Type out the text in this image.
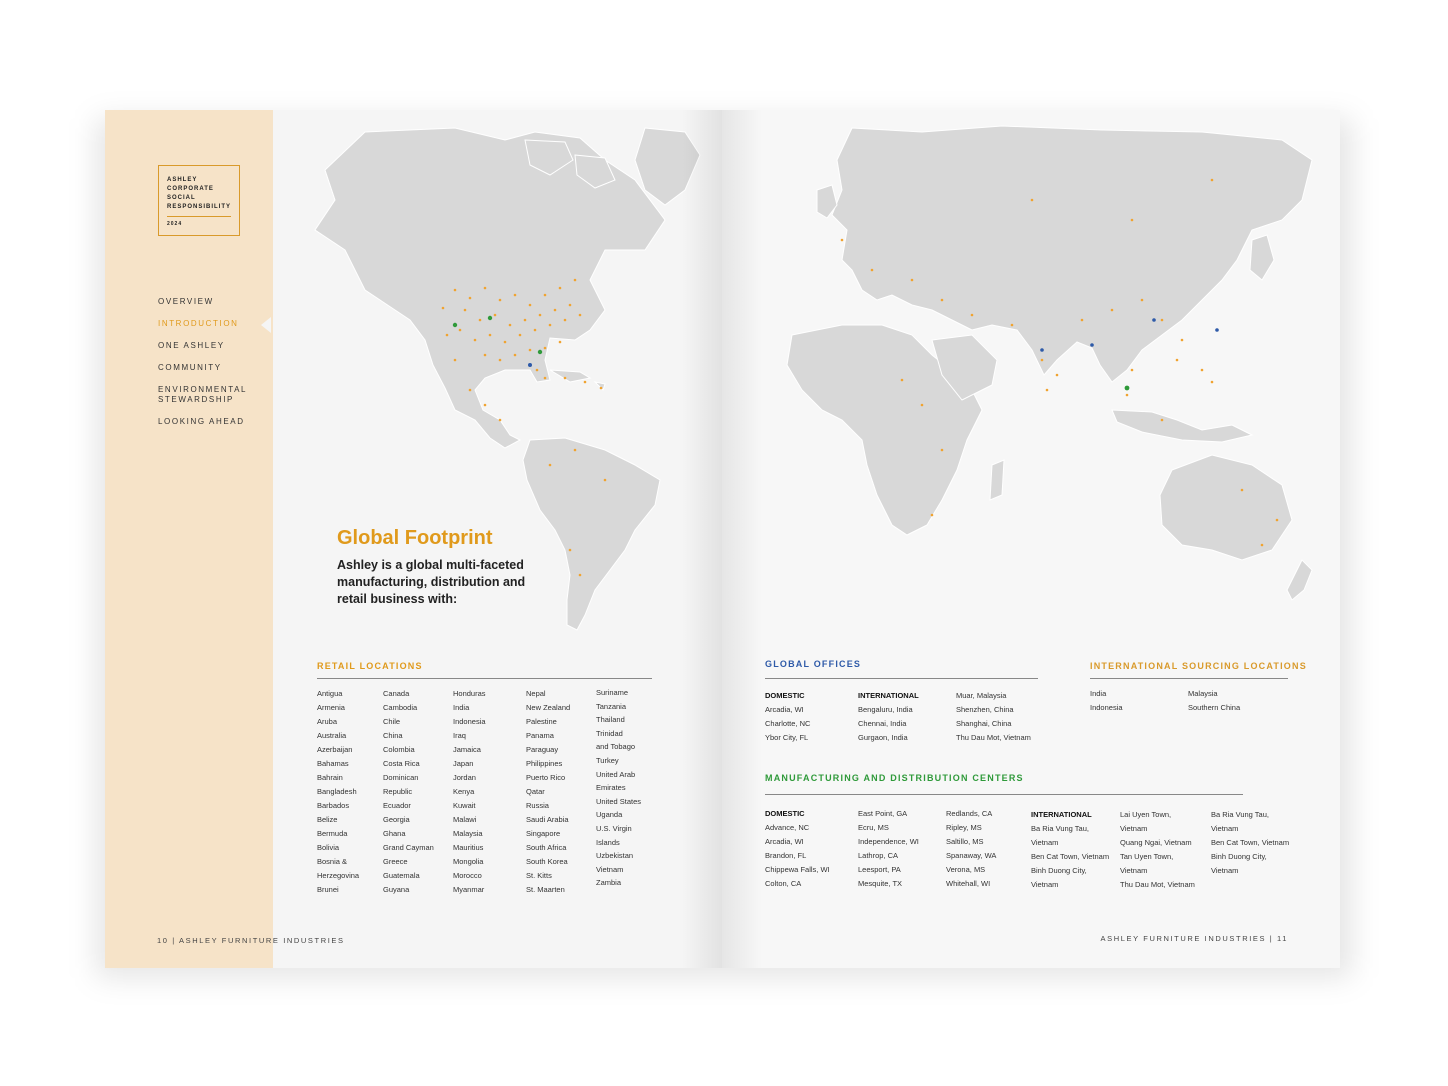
ASHLEY
CORPORATE
SOCIAL
RESPONSIBILITY
2024
OVERVIEW
INTRODUCTION
ONE ASHLEY
COMMUNITY
ENVIRONMENTAL STEWARDSHIP
LOOKING AHEAD
Global Footprint
Ashley is a global multi-faceted manufacturing, distribution and retail business with:
RETAIL LOCATIONS
Antigua
Armenia
Aruba
Australia
Azerbaijan
Bahamas
Bahrain
Bangladesh
Barbados
Belize
Bermuda
Bolivia
Bosnia &
Herzegovina
Brunei
Canada
Cambodia
Chile
China
Colombia
Costa Rica
Dominican
Republic
Ecuador
Georgia
Ghana
Grand Cayman
Greece
Guatemala
Guyana
Honduras
India
Indonesia
Iraq
Jamaica
Japan
Jordan
Kenya
Kuwait
Malawi
Malaysia
Mauritius
Mongolia
Morocco
Myanmar
Nepal
New Zealand
Palestine
Panama
Paraguay
Philippines
Puerto Rico
Qatar
Russia
Saudi Arabia
Singapore
South Africa
South Korea
St. Kitts
St. Maarten
Suriname
Tanzania
Thailand
Trinidad
and Tobago
Turkey
United Arab
Emirates
United States
Uganda
U.S. Virgin
Islands
Uzbekistan
Vietnam
Zambia
10 | ASHLEY FURNITURE INDUSTRIES
GLOBAL OFFICES
DOMESTIC
Arcadia, WI
Charlotte, NC
Ybor City, FL
INTERNATIONAL
Bengaluru, India
Chennai, India
Gurgaon, India
Muar, Malaysia
Shenzhen, China
Shanghai, China
Thu Dau Mot, Vietnam
INTERNATIONAL SOURCING LOCATIONS
India
Indonesia
Malaysia
Southern China
MANUFACTURING AND DISTRIBUTION CENTERS
DOMESTIC
Advance, NC
Arcadia, WI
Brandon, FL
Chippewa Falls, WI
Colton, CA
East Point, GA
Ecru, MS
Independence, WI
Lathrop, CA
Leesport, PA
Mesquite, TX
Redlands, CA
Ripley, MS
Saltillo, MS
Spanaway, WA
Verona, MS
Whitehall, WI
INTERNATIONAL
Ba Ria Vung Tau,
Vietnam
Ben Cat Town, Vietnam
Binh Duong City,
Vietnam
Lai Uyen Town,
Vietnam
Quang Ngai, Vietnam
Tan Uyen Town,
Vietnam
Thu Dau Mot, Vietnam
Ba Ria Vung Tau,
Vietnam
Ben Cat Town, Vietnam
Binh Duong City,
Vietnam
ASHLEY FURNITURE INDUSTRIES | 11
